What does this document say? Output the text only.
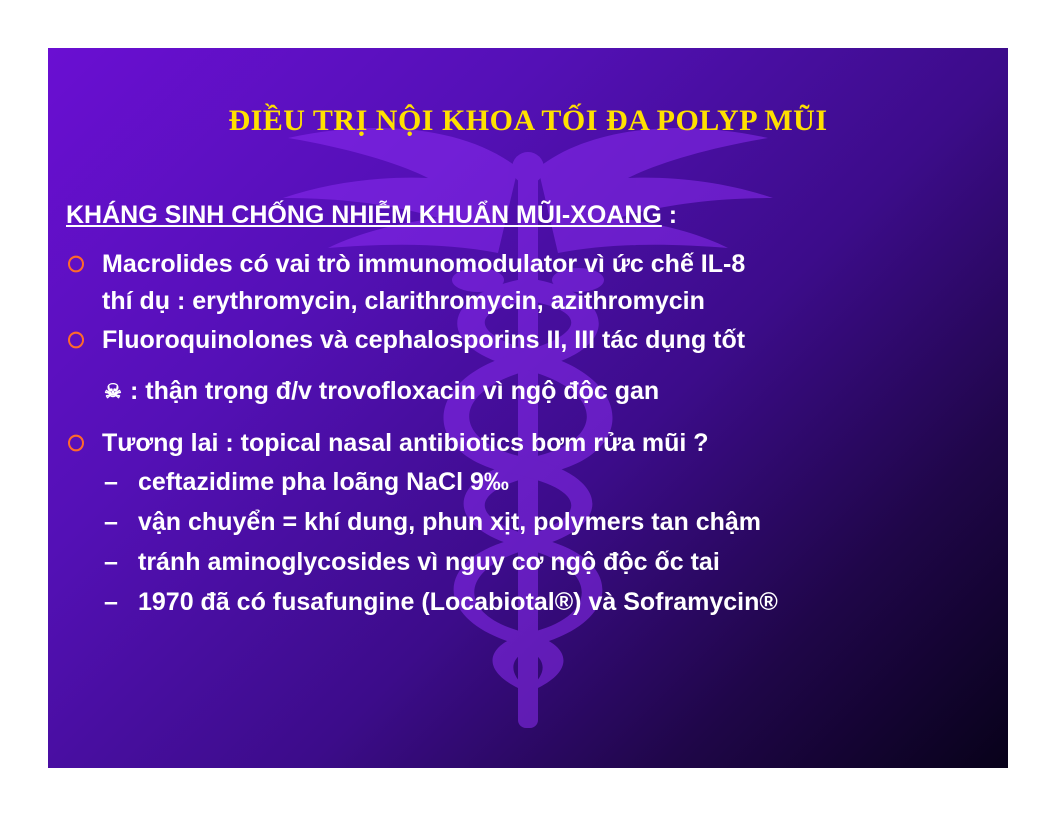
ĐIỀU TRỊ NỘI KHOA TỐI ĐA POLYP MŨI
KHÁNG SINH CHỐNG NHIỄM KHUẨN MŨI-XOANG :
Macrolides có vai trò immunomodulator vì ức chế IL-8
thí dụ : erythromycin, clarithromycin, azithromycin
Fluoroquinolones và cephalosporins II, III tác dụng tốt
☠ : thận trọng đ/v trovofloxacin vì ngộ độc gan
Tương lai : topical nasal antibiotics bơm rửa mũi ?
– ceftazidime pha loãng NaCl 9‰
– vận chuyển = khí dung, phun xịt, polymers tan chậm
– tránh aminoglycosides vì nguy cơ ngộ độc ốc tai
– 1970 đã có fusafungine (Locabiotal®) và Soframycin®
